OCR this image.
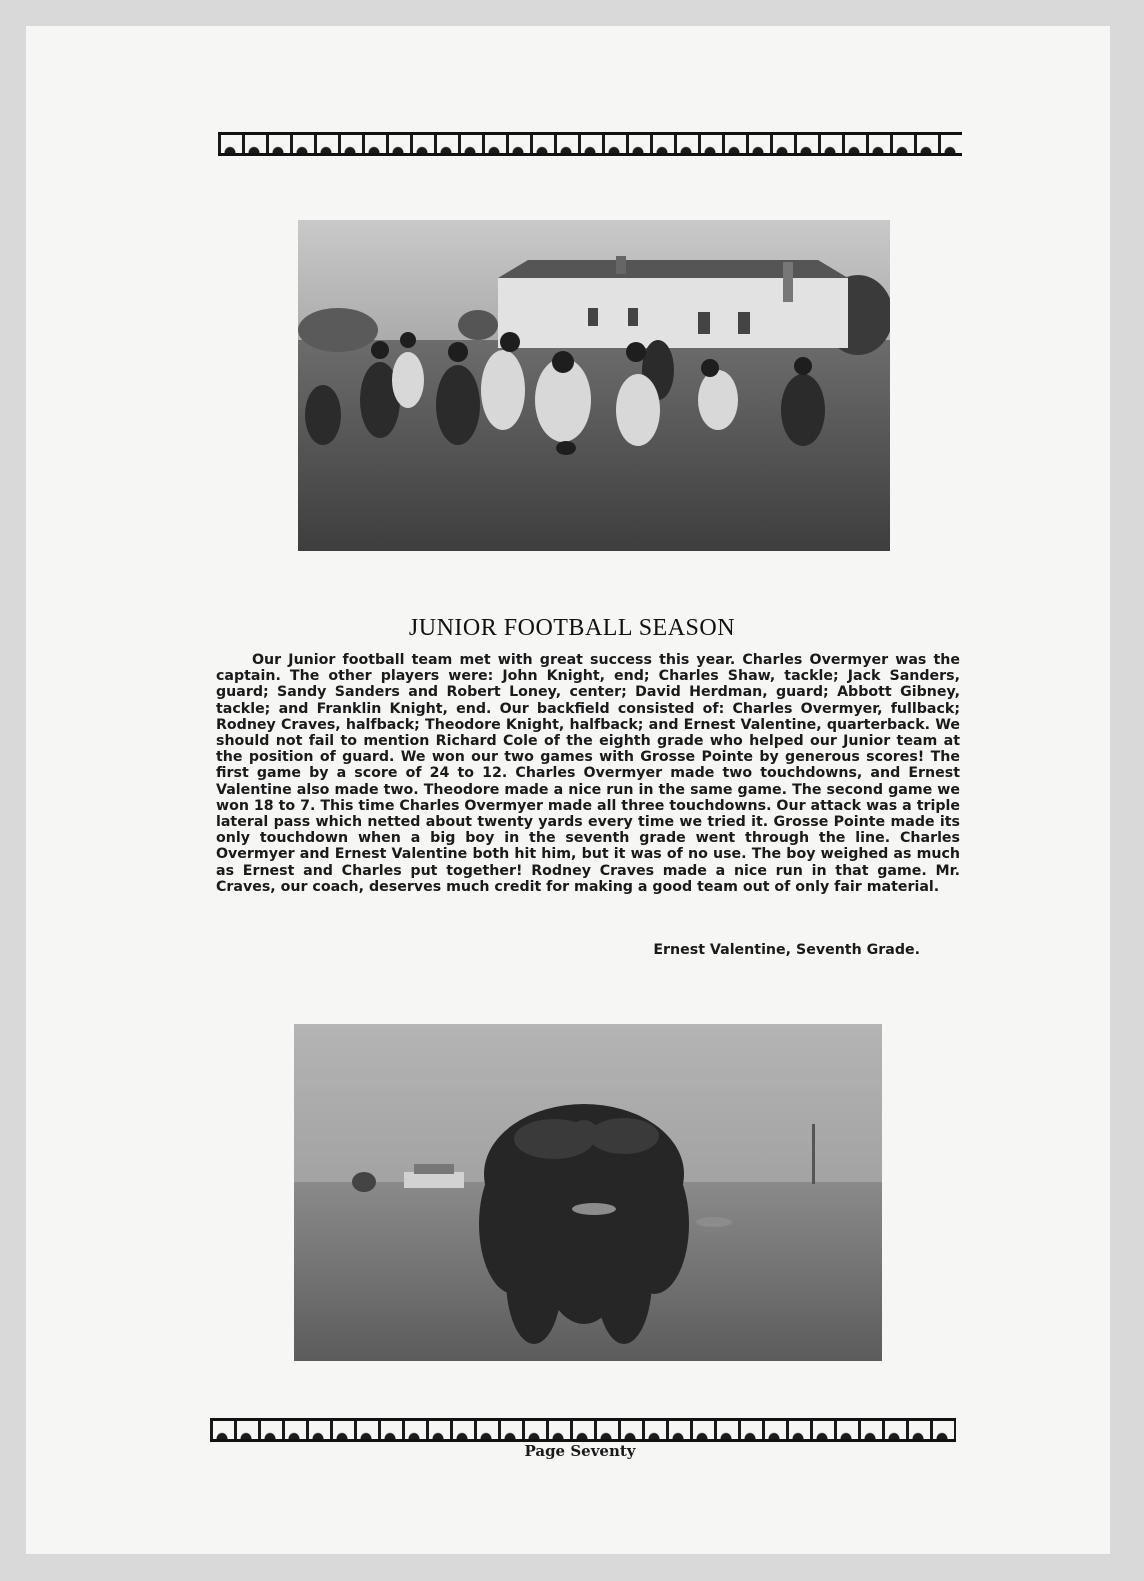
JUNIOR FOOTBALL SEASON

Our Junior football team met with great success this year. Charles Overmyer was the captain. The other players were: John Knight, end; Charles Shaw, tackle; Jack Sanders, guard; Sandy Sanders and Robert Loney, center; David Herdman, guard; Abbott Gibney, tackle; and Franklin Knight, end. Our backfield consisted of: Charles Overmyer, fullback; Rodney Craves, halfback; Theodore Knight, halfback; and Ernest Valentine, quarterback. We should not fail to mention Richard Cole of the eighth grade who helped our Junior team at the position of guard. We won our two games with Grosse Pointe by generous scores! The first game by a score of 24 to 12. Charles Overmyer made two touchdowns, and Ernest Valentine also made two. Theodore made a nice run in the same game. The second game we won 18 to 7. This time Charles Overmyer made all three touchdowns. Our attack was a triple lateral pass which netted about twenty yards every time we tried it. Grosse Pointe made its only touchdown when a big boy in the seventh grade went through the line. Charles Overmyer and Ernest Valentine both hit him, but it was of no use. The boy weighed as much as Ernest and Charles put together! Rodney Craves made a nice run in that game. Mr. Craves, our coach, deserves much credit for making a good team out of only fair material.

Ernest Valentine, Seventh Grade.
Page Seventy
